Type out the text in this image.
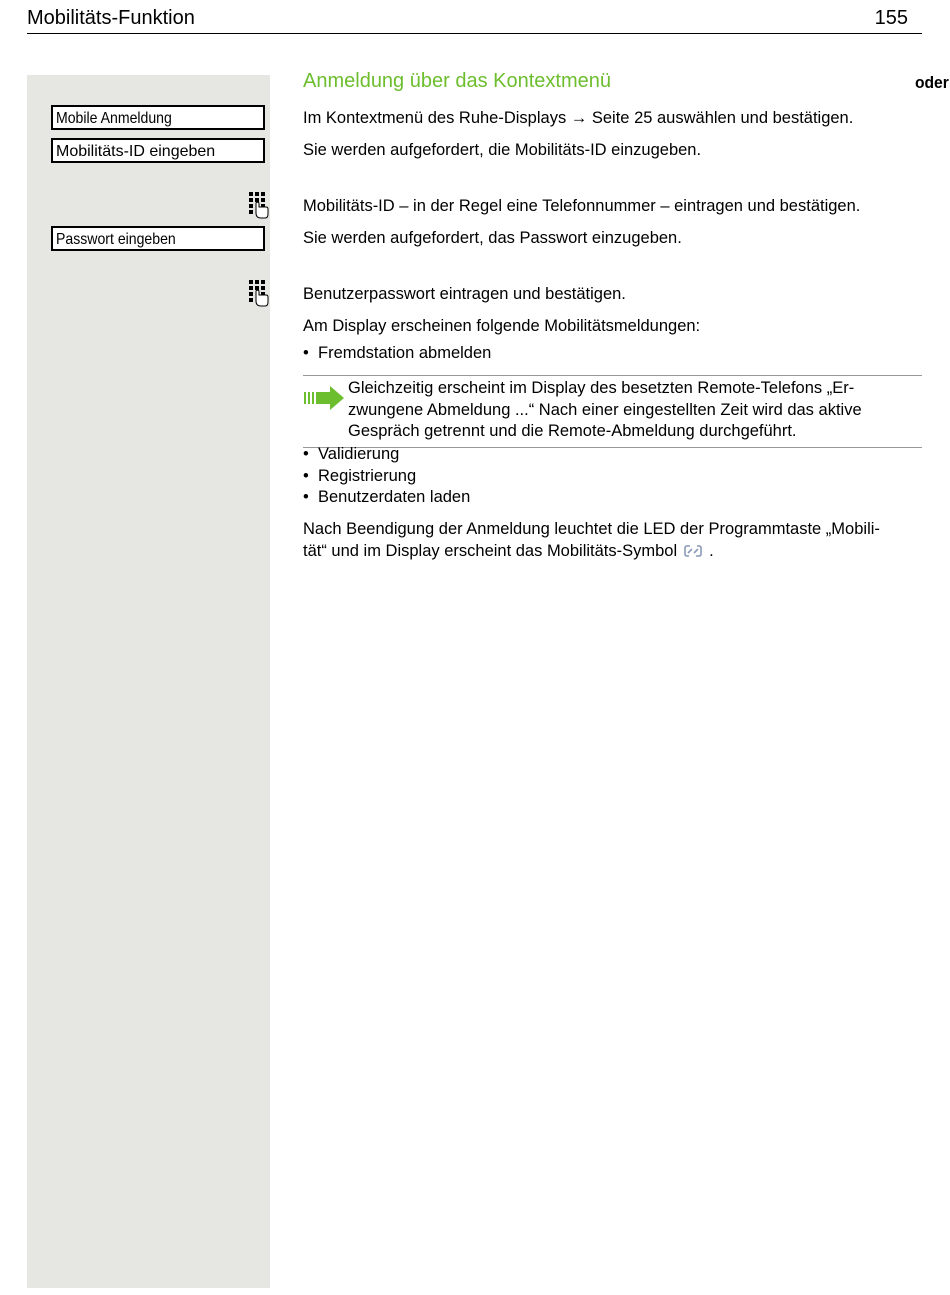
Mobilitäts-Funktion	155
Mobile Anmeldung
Mobilitäts-ID eingeben
Passwort eingeben
oder
Anmeldung über das Kontextmenü
Im Kontextmenü des Ruhe-Displays → Seite 25 auswählen und bestätigen.
Sie werden aufgefordert, die Mobilitäts-ID einzugeben.
Mobilitäts-ID – in der Regel eine Telefonnummer – eintragen und bestätigen.
Sie werden aufgefordert, das Passwort einzugeben.
Benutzerpasswort eintragen und bestätigen.
Am Display erscheinen folgende Mobilitätsmeldungen:
• Fremdstation abmelden
Gleichzeitig erscheint im Display des besetzten Remote-Telefons „Erzwungene Abmeldung ...“ Nach einer eingestellten Zeit wird das aktive Gespräch getrennt und die Remote-Abmeldung durchgeführt.
• Validierung
• Registrierung
• Benutzerdaten laden
Nach Beendigung der Anmeldung leuchtet die LED der Programmtaste „Mobili-
tät“ und im Display erscheint das Mobilitäts-Symbol .
